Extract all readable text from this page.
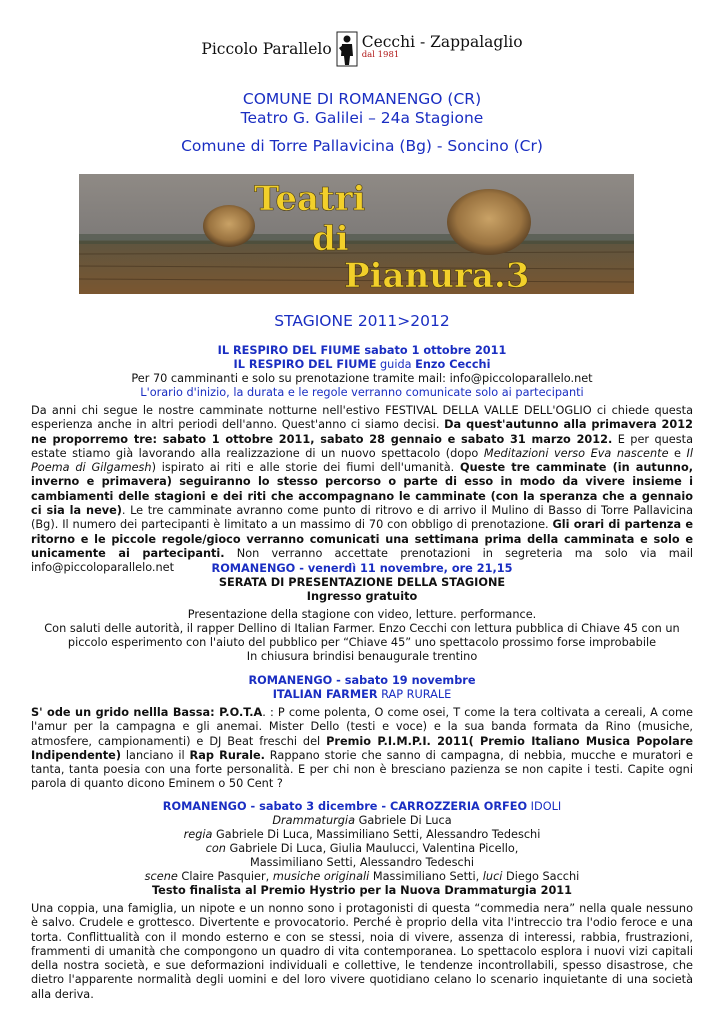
Piccolo Parallelo Cecchi - Zappalaglio
dal 1981
COMUNE DI ROMANENGO (CR)
Teatro G. Galilei – 24a Stagione
Comune di Torre Pallavicina (Bg) - Soncino (Cr)
Teatri
di
Pianura.3
STAGIONE 2011>2012
IL RESPIRO DEL FIUME sabato 1 ottobre 2011
IL RESPIRO DEL FIUME guida Enzo Cecchi
Per 70 camminanti e solo su prenotazione tramite mail: info@piccoloparallelo.net
L'orario d'inizio, la durata e le regole verranno comunicate solo ai partecipanti
Da anni chi segue le nostre camminate notturne nell'estivo FESTIVAL DELLA VALLE DELL'OGLIO ci chiede questa esperienza anche in altri periodi dell'anno. Quest'anno ci siamo decisi. Da quest'autunno alla primavera 2012 ne proporremo tre: sabato 1 ottobre 2011, sabato 28 gennaio e sabato 31 marzo 2012. E per questa estate stiamo già lavorando alla realizzazione di un nuovo spettacolo (dopo Meditazioni verso Eva nascente e Il Poema di Gilgamesh) ispirato ai riti e alle storie dei fiumi dell'umanità. Queste tre camminate (in autunno, inverno e primavera) seguiranno lo stesso percorso o parte di esso in modo da vivere insieme i cambiamenti delle stagioni e dei riti che accompagnano le camminate (con la speranza che a gennaio ci sia la neve). Le tre camminate avranno come punto di ritrovo e di arrivo il Mulino di Basso di Torre Pallavicina (Bg). Il numero dei partecipanti è limitato a un massimo di 70 con obbligo di prenotazione. Gli orari di partenza e ritorno e le piccole regole/gioco verranno comunicati una settimana prima della camminata e solo e unicamente ai partecipanti. Non verranno accettate prenotazioni in segreteria ma solo via mail info@piccoloparallelo.net	ROMANENGO - venerdì 11 novembre, ore 21,15
SERATA DI PRESENTAZIONE DELLA STAGIONE
Ingresso gratuito
Presentazione della stagione con video, letture. performance.
Con saluti delle autorità, il rapper Dellino di Italian Farmer. Enzo Cecchi con lettura pubblica di Chiave 45 con un
piccolo esperimento con l'aiuto del pubblico per “Chiave 45” uno spettacolo prossimo forse improbabile
In chiusura brindisi benaugurale trentino
ROMANENGO - sabato 19 novembre
ITALIAN FARMER RAP RURALE
S' ode un grido nellla Bassa: P.O.T.A. : P come polenta, O come osei, T come la tera coltivata a cereali, A come l'amur per la campagna e gli anemai. Mister Dello (testi e voce) e la sua banda formata da Rino (musiche, atmosfere, campionamenti) e DJ Beat freschi del Premio P.I.M.P.I. 2011( Premio Italiano Musica Popolare Indipendente) lanciano il Rap Rurale. Rappano storie che sanno di campagna, di nebbia, mucche e muratori e tanta, tanta poesia con una forte personalità. E per chi non è bresciano pazienza se non capite i testi. Capite ogni parola di quanto dicono Eminem o 50 Cent ?
ROMANENGO - sabato 3 dicembre - CARROZZERIA ORFEO IDOLI
Drammaturgia Gabriele Di Luca
regia Gabriele Di Luca, Massimiliano Setti, Alessandro Tedeschi
con Gabriele Di Luca, Giulia Maulucci, Valentina Picello,
Massimiliano Setti, Alessandro Tedeschi
scene Claire Pasquier, musiche originali Massimiliano Setti, luci Diego Sacchi
Testo finalista al Premio Hystrio per la Nuova Drammaturgia 2011
Una coppia, una famiglia, un nipote e un nonno sono i protagonisti di questa “commedia nera” nella quale nessuno è salvo. Crudele e grottesco. Divertente e provocatorio. Perché è proprio della vita l'intreccio tra l'odio feroce e una torta. Conflittualità con il mondo esterno e con se stessi, noia di vivere, assenza di interessi, rabbia, frustrazioni, frammenti di umanità che compongono un quadro di vita contemporanea. Lo spettacolo esplora i nuovi vizi capitali della nostra società, e sue deformazioni individuali e collettive, le tendenze incontrollabili, spesso disastrose, che dietro l'apparente normalità degli uomini e del loro vivere quotidiano celano lo scenario inquietante di una società alla deriva.
